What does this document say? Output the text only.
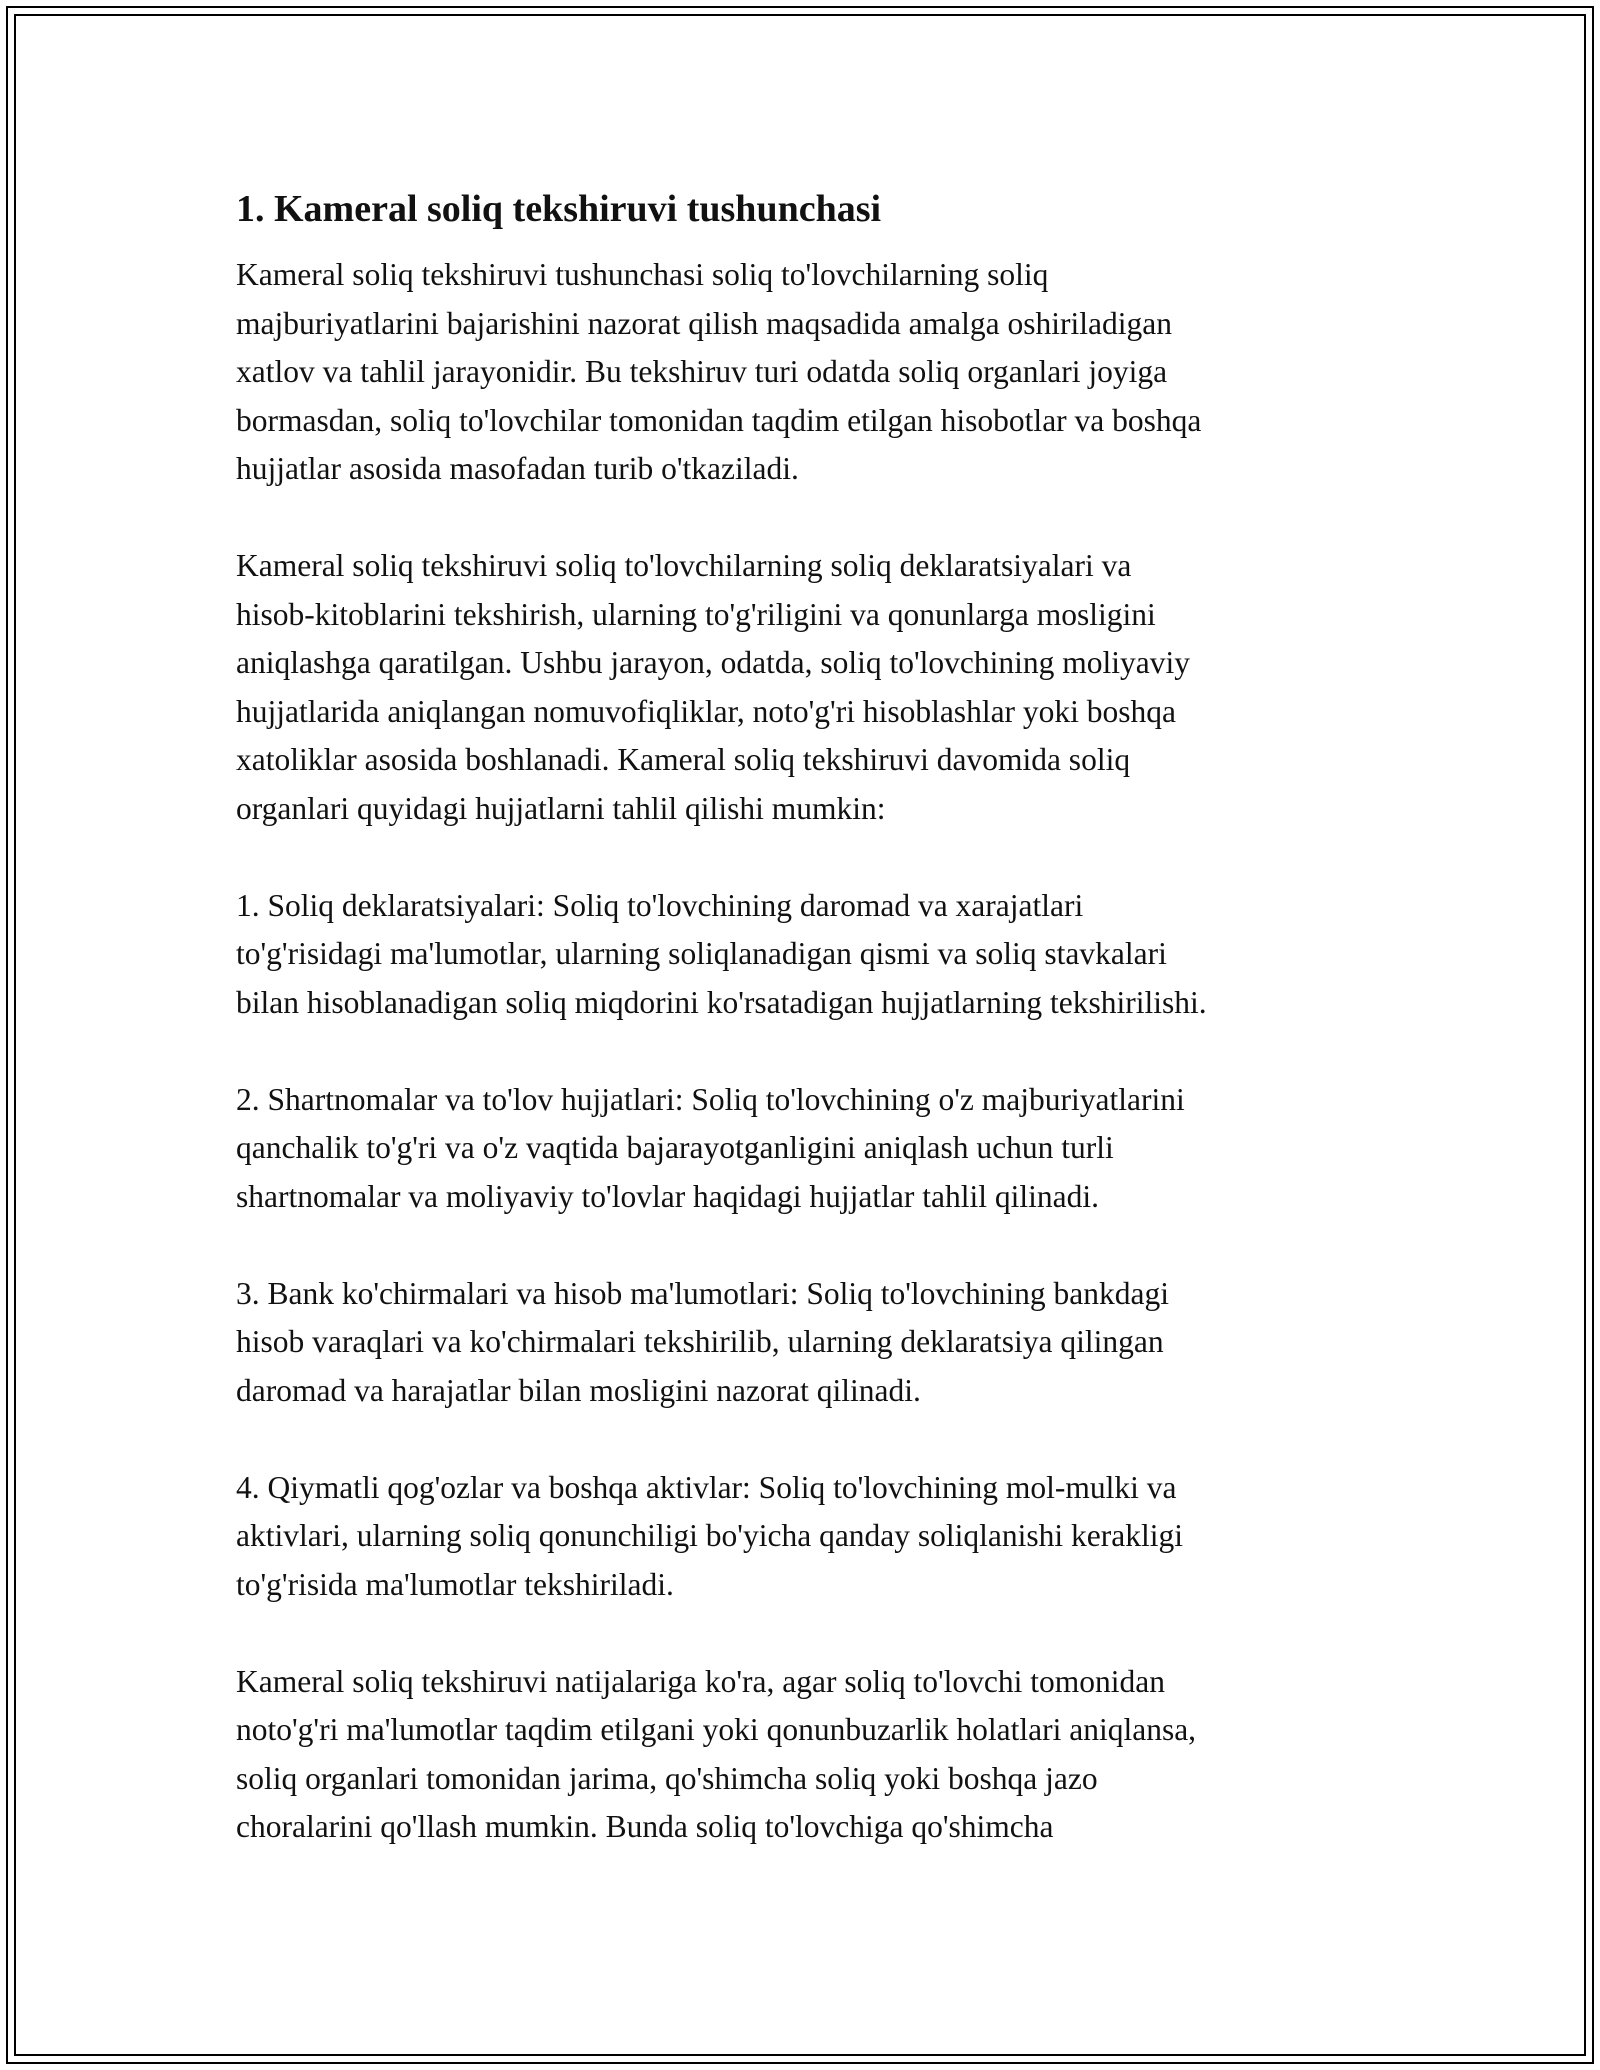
1. Kameral soliq tekshiruvi tushunchasi

Kameral soliq tekshiruvi tushunchasi soliq to'lovchilarning soliq
majburiyatlarini bajarishini nazorat qilish maqsadida amalga oshiriladigan
xatlov va tahlil jarayonidir. Bu tekshiruv turi odatda soliq organlari joyiga
bormasdan, soliq to'lovchilar tomonidan taqdim etilgan hisobotlar va boshqa
hujjatlar asosida masofadan turib o'tkaziladi.

Kameral soliq tekshiruvi soliq to'lovchilarning soliq deklaratsiyalari va
hisob-kitoblarini tekshirish, ularning to'g'riligini va qonunlarga mosligini
aniqlashga qaratilgan. Ushbu jarayon, odatda, soliq to'lovchining moliyaviy
hujjatlarida aniqlangan nomuvofiqliklar, noto'g'ri hisoblashlar yoki boshqa
xatoliklar asosida boshlanadi. Kameral soliq tekshiruvi davomida soliq
organlari quyidagi hujjatlarni tahlil qilishi mumkin:

1. Soliq deklaratsiyalari: Soliq to'lovchining daromad va xarajatlari
to'g'risidagi ma'lumotlar, ularning soliqlanadigan qismi va soliq stavkalari
bilan hisoblanadigan soliq miqdorini ko'rsatadigan hujjatlarning tekshirilishi.

2. Shartnomalar va to'lov hujjatlari: Soliq to'lovchining o'z majburiyatlarini
qanchalik to'g'ri va o'z vaqtida bajarayotganligini aniqlash uchun turli
shartnomalar va moliyaviy to'lovlar haqidagi hujjatlar tahlil qilinadi.

3. Bank ko'chirmalari va hisob ma'lumotlari: Soliq to'lovchining bankdagi
hisob varaqlari va ko'chirmalari tekshirilib, ularning deklaratsiya qilingan
daromad va harajatlar bilan mosligini nazorat qilinadi.

4. Qiymatli qog'ozlar va boshqa aktivlar: Soliq to'lovchining mol-mulki va
aktivlari, ularning soliq qonunchiligi bo'yicha qanday soliqlanishi kerakligi
to'g'risida ma'lumotlar tekshiriladi.

Kameral soliq tekshiruvi natijalariga ko'ra, agar soliq to'lovchi tomonidan
noto'g'ri ma'lumotlar taqdim etilgani yoki qonunbuzarlik holatlari aniqlansa,
soliq organlari tomonidan jarima, qo'shimcha soliq yoki boshqa jazo
choralarini qo'llash mumkin. Bunda soliq to'lovchiga qo'shimcha
